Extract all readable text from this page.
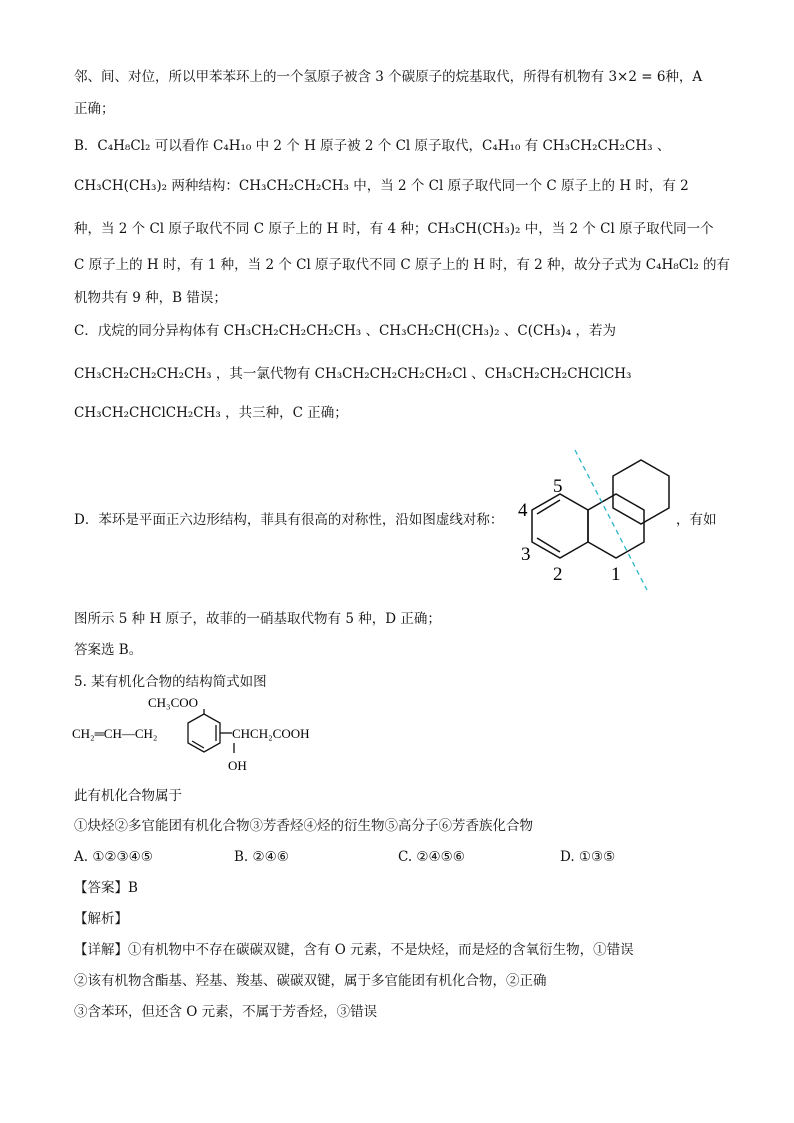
邻、间、对位，所以甲苯苯环上的一个氢原子被含 3 个碳原子的烷基取代，所得有机物有 3×2 = 6种，A
正确；
B．C₄H₈Cl₂ 可以看作 C₄H₁₀ 中 2 个 H 原子被 2 个 Cl 原子取代，C₄H₁₀ 有 CH₃CH₂CH₂CH₃ 、
CH₃CH(CH₃)₂ 两种结构：CH₃CH₂CH₂CH₃ 中，当 2 个 Cl 原子取代同一个 C 原子上的 H 时，有 2
种，当 2 个 Cl 原子取代不同 C 原子上的 H 时，有 4 种；CH₃CH(CH₃)₂ 中，当 2 个 Cl 原子取代同一个
C 原子上的 H 时，有 1 种，当 2 个 Cl 原子取代不同 C 原子上的 H 时，有 2 种，故分子式为 C₄H₈Cl₂ 的有
机物共有 9 种，B 错误；
C．戊烷的同分异构体有 CH₃CH₂CH₂CH₂CH₃ 、CH₃CH₂CH(CH₃)₂ 、C(CH₃)₄ ，若为
CH₃CH₂CH₂CH₂CH₃ ，其一氯代物有 CH₃CH₂CH₂CH₂CH₂Cl 、CH₃CH₂CH₂CHClCH₃
CH₃CH₂CHClCH₂CH₃ ，共三种，C 正确；
D．苯环是平面正六边形结构，菲具有很高的对称性，沿如图虚线对称：	，有如
5
4
3
2	1
图所示 5 种 H 原子，故菲的一硝基取代物有 5 种，D 正确；
答案选 B。
5. 某有机化合物的结构简式如图
CH₃COO
CH₂═CH—CH₂	CHCH₂COOH
OH
此有机化合物属于
①炔烃②多官能团有机化合物③芳香烃④烃的衍生物⑤高分子⑥芳香族化合物
A. ①②③④⑤	B. ②④⑥	C. ②④⑤⑥	D. ①③⑤
【答案】B
【解析】
【详解】①有机物中不存在碳碳双键，含有 O 元素，不是炔烃，而是烃的含氧衍生物，①错误
②该有机物含酯基、羟基、羧基、碳碳双键，属于多官能团有机化合物，②正确
③含苯环，但还含 O 元素，不属于芳香烃，③错误
